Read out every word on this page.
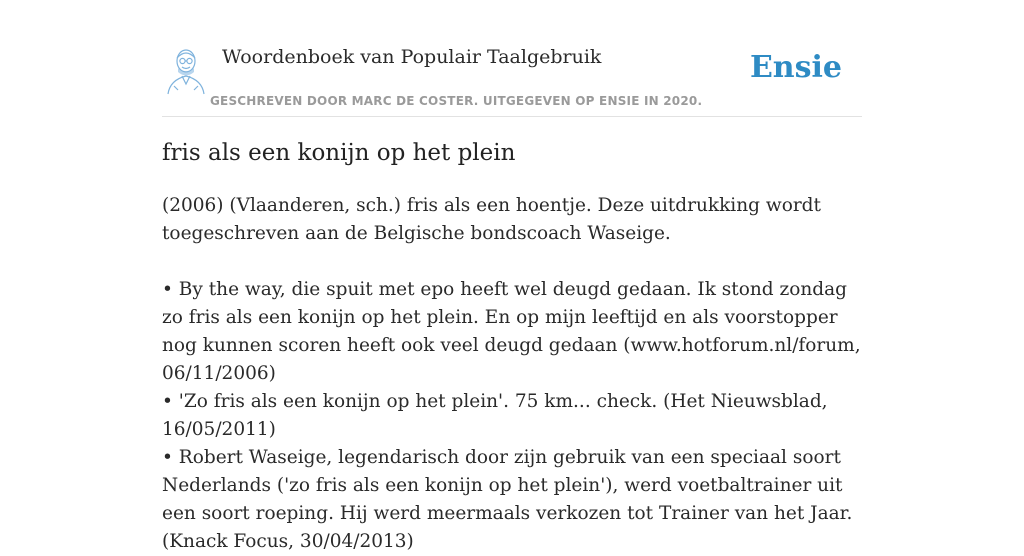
Woordenboek van Populair Taalgebruik
GESCHREVEN DOOR MARC DE COSTER. UITGEGEVEN OP ENSIE IN 2020.
Ensie
fris als een konijn op het plein

(2006) (Vlaanderen, sch.) fris als een hoentje. Deze uitdrukking wordt toegeschreven aan de Belgische bondscoach Waseige.

• By the way, die spuit met epo heeft wel deugd gedaan. Ik stond zondag zo fris als een konijn op het plein. En op mijn leeftijd en als voorstopper nog kunnen scoren heeft ook veel deugd gedaan (www.hotforum.nl/forum, 06/11/2006)

• 'Zo fris als een konijn op het plein'. 75 km... check. (Het Nieuwsblad, 16/05/2011)

• Robert Waseige, legendarisch door zijn gebruik van een speciaal soort Nederlands ('zo fris als een konijn op het plein'), werd voetbaltrainer uit een soort roeping. Hij werd meermaals verkozen tot Trainer van het Jaar.(Knack Focus, 30/04/2013)
